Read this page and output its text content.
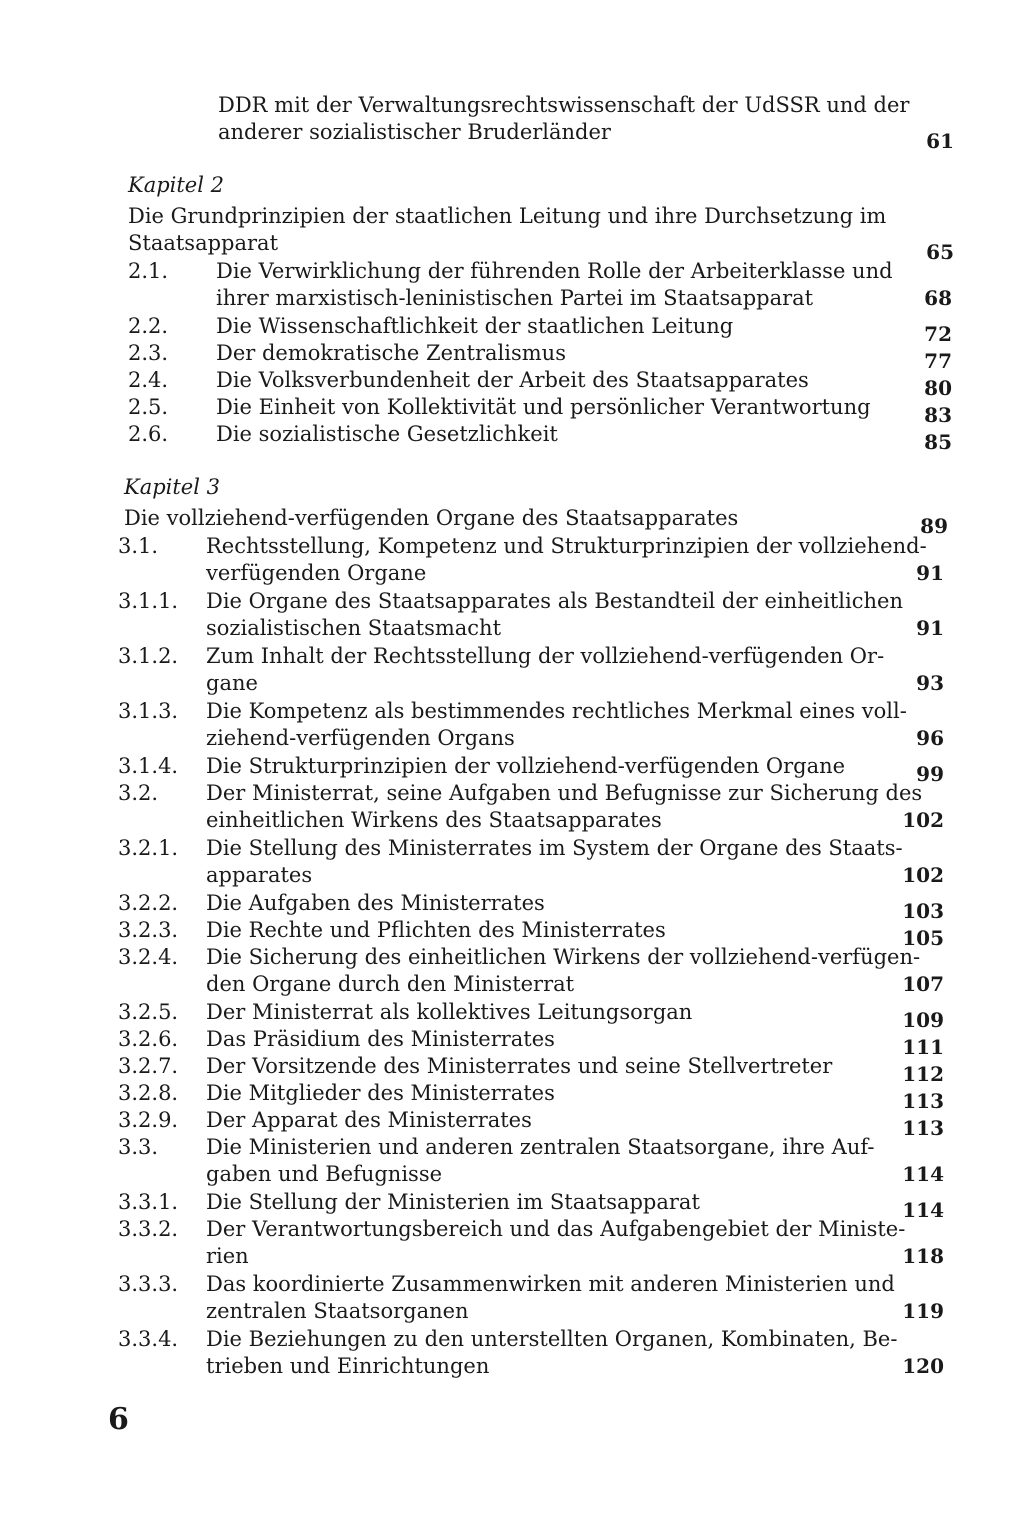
DDR mit der Verwaltungsrechtswissenschaft der UdSSR und der
anderer sozialistischer Bruderländer	61
Kapitel 2
Die Grundprinzipien der staatlichen Leitung und ihre Durchsetzung im
Staatsapparat	65
2.1.	Die Verwirklichung der führenden Rolle der Arbeiterklasse und
ihrer marxistisch-leninistischen Partei im Staatsapparat	68
2.2.	Die Wissenschaftlichkeit der staatlichen Leitung	72
2.3.	Der demokratische Zentralismus	77
2.4.	Die Volksverbundenheit der Arbeit des Staatsapparates	80
2.5.	Die Einheit von Kollektivität und persönlicher Verantwortung	83
2.6.	Die sozialistische Gesetzlichkeit	85
Kapitel 3
Die vollziehend-verfügenden Organe des Staatsapparates	89
3.1.	Rechtsstellung, Kompetenz und Strukturprinzipien der vollziehend-
verfügenden Organe	91
3.1.1.	Die Organe des Staatsapparates als Bestandteil der einheitlichen
sozialistischen Staatsmacht	91
3.1.2.	Zum Inhalt der Rechtsstellung der vollziehend-verfügenden Or-
gane	93
3.1.3.	Die Kompetenz als bestimmendes rechtliches Merkmal eines voll-
ziehend-verfügenden Organs	96
3.1.4.	Die Strukturprinzipien der vollziehend-verfügenden Organe	99
3.2.	Der Ministerrat, seine Aufgaben und Befugnisse zur Sicherung des
einheitlichen Wirkens des Staatsapparates	102
3.2.1.	Die Stellung des Ministerrates im System der Organe des Staats-
apparates	102
3.2.2.	Die Aufgaben des Ministerrates	103
3.2.3.	Die Rechte und Pflichten des Ministerrates	105
3.2.4.	Die Sicherung des einheitlichen Wirkens der vollziehend-verfügen-
den Organe durch den Ministerrat	107
3.2.5.	Der Ministerrat als kollektives Leitungsorgan	109
3.2.6.	Das Präsidium des Ministerrates	111
3.2.7.	Der Vorsitzende des Ministerrates und seine Stellvertreter	112
3.2.8.	Die Mitglieder des Ministerrates	113
3.2.9.	Der Apparat des Ministerrates	113
3.3.	Die Ministerien und anderen zentralen Staatsorgane, ihre Auf-
gaben und Befugnisse	114
3.3.1.	Die Stellung der Ministerien im Staatsapparat	114
3.3.2.	Der Verantwortungsbereich und das Aufgabengebiet der Ministe-
rien	118
3.3.3.	Das koordinierte Zusammenwirken mit anderen Ministerien und
zentralen Staatsorganen	119
3.3.4.	Die Beziehungen zu den unterstellten Organen, Kombinaten, Be-
trieben und Einrichtungen	120
6
